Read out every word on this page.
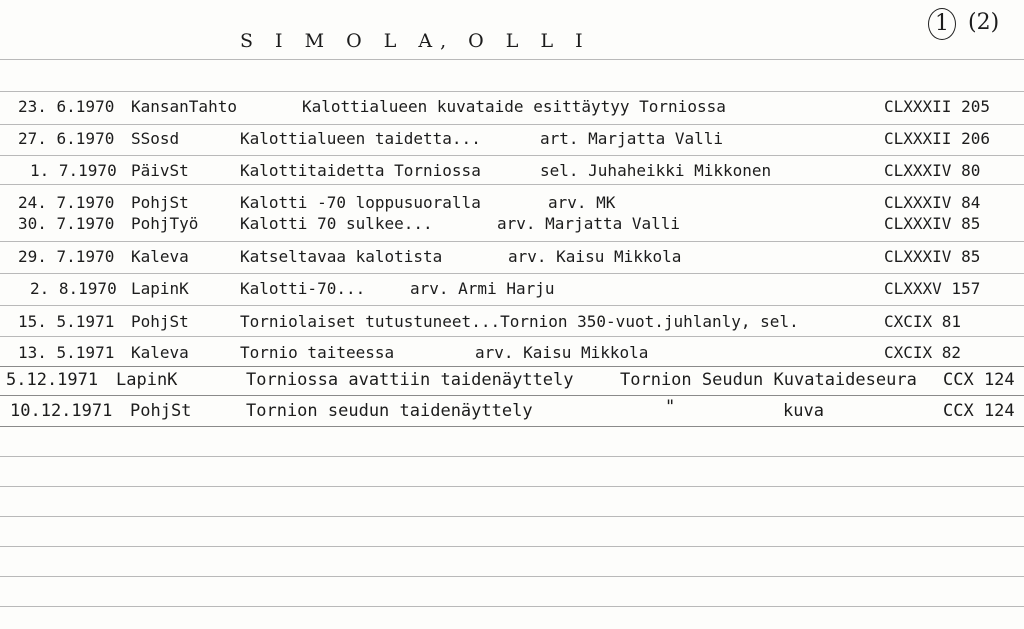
S I M O L A, O L L I
1 (2)
23. 6.1970 KansanTahto	Kalottialueen kuvataide esittäytyy Torniossa	CLXXXII 205
27. 6.1970 SSosd	Kalottialueen taidetta...	art. Marjatta Valli	CLXXXII 206
1. 7.1970 PäivSt	Kalottitaidetta Torniossa	sel. Juhaheikki Mikkonen	CLXXXIV 80
24. 7.1970 PohjSt	Kalotti -70 loppusuoralla	arv. MK	CLXXXIV 84
30. 7.1970 PohjTyö	Kalotti 70 sulkee...	arv. Marjatta Valli	CLXXXIV 85
29. 7.1970 Kaleva	Katseltavaa kalotista	arv. Kaisu Mikkola	CLXXXIV 85
2. 8.1970 LapinK	Kalotti-70...	arv. Armi Harju	CLXXXV 157
15. 5.1971 PohjSt	Torniolaiset tutustuneet...Tornion 350-vuot.juhlanly, sel.	CXCIX 81
13. 5.1971 Kaleva	Tornio taiteessa	arv. Kaisu Mikkola	CXCIX 82
5.12.1971 LapinK	Torniossa avattiin taidenäyttely	Tornion Seudun Kuvataideseura CCX 124
10.12.1971 PohjSt	Tornion seudun taidenäyttely	"	kuva	CCX 124
